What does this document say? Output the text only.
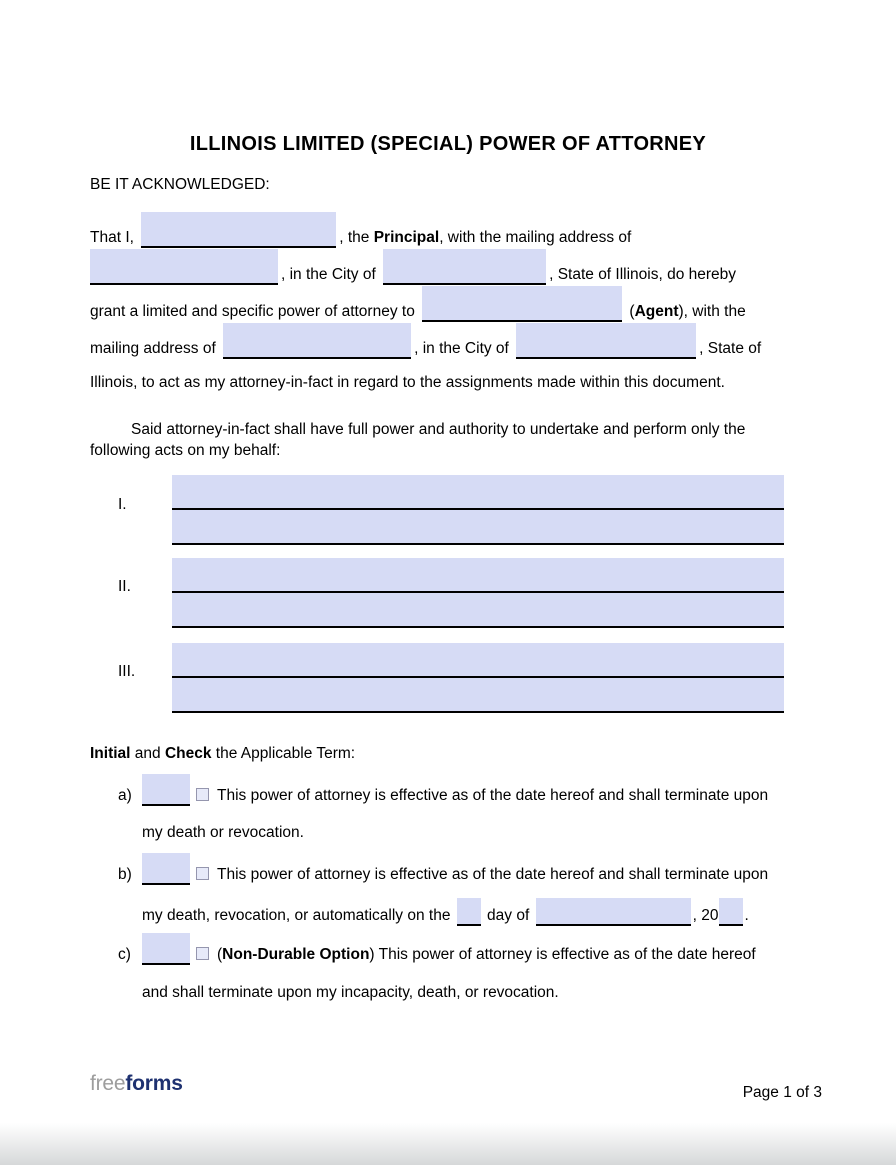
ILLINOIS LIMITED (SPECIAL) POWER OF ATTORNEY
BE IT ACKNOWLEDGED:
That I,	, the Principal, with the mailing address of
, in the City of	, State of Illinois, do hereby
grant a limited and specific power of attorney to	(Agent), with the
mailing address of	, in the City of	, State of
Illinois, to act as my attorney-in-fact in regard to the assignments made within this document.
Said attorney-in-fact shall have full power and authority to undertake and perform only the
following acts on my behalf:
I.
II.
III.
Initial and Check the Applicable Term:
a)	This power of attorney is effective as of the date hereof and shall terminate upon
my death or revocation.
b)	This power of attorney is effective as of the date hereof and shall terminate upon
my death, revocation, or automatically on the  day of	, 20 .
c)	(Non-Durable Option) This power of attorney is effective as of the date hereof
and shall terminate upon my incapacity, death, or revocation.
freeforms	Page 1 of 3
